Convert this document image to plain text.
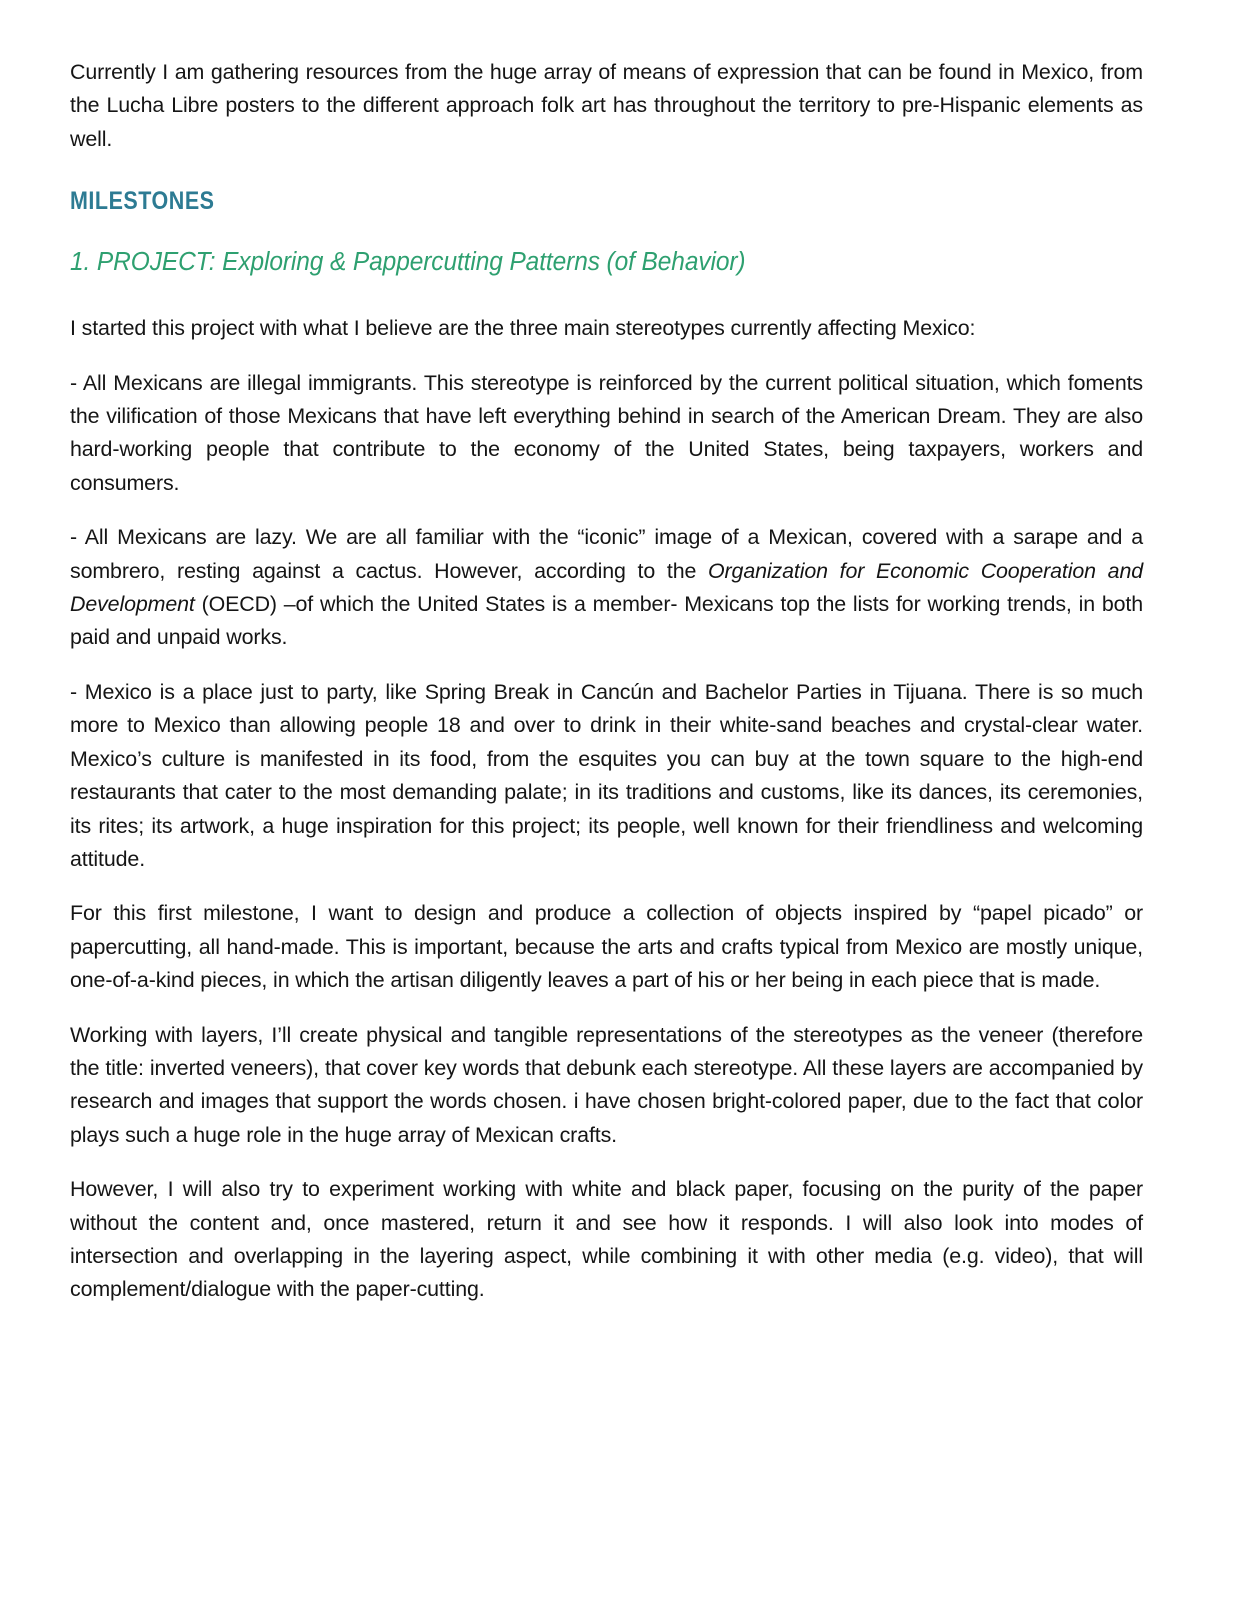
Currently I am gathering resources from the huge array of means of expression that can be found in Mexico, from the Lucha Libre posters to the different approach folk art has throughout the territory to pre-Hispanic elements as well.

MILESTONES
1. PROJECT: Exploring & Pappercutting Patterns (of Behavior)

I started this project with what I believe are the three main stereotypes currently affecting Mexico:

- All Mexicans are illegal immigrants. This stereotype is reinforced by the current political situation, which foments the vilification of those Mexicans that have left everything behind in search of the American Dream. They are also hard-working people that contribute to the economy of the United States, being taxpayers, workers and consumers.

- All Mexicans are lazy. We are all familiar with the “iconic” image of a Mexican, covered with a sarape and a sombrero, resting against a cactus. However, according to the Organization for Economic Cooperation and Development (OECD) –of which the United States is a member- Mexicans top the lists for working trends, in both paid and unpaid works.

- Mexico is a place just to party, like Spring Break in Cancún and Bachelor Parties in Tijuana. There is so much more to Mexico than allowing people 18 and over to drink in their white-sand beaches and crystal-clear water. Mexico’s culture is manifested in its food, from the esquites you can buy at the town square to the high-end restaurants that cater to the most demanding palate; in its traditions and customs, like its dances, its ceremonies, its rites; its artwork, a huge inspiration for this project; its people, well known for their friendliness and welcoming attitude.

For this first milestone, I want to design and produce a collection of objects inspired by “papel picado” or papercutting, all hand-made. This is important, because the arts and crafts typical from Mexico are mostly unique, one-of-a-kind pieces, in which the artisan diligently leaves a part of his or her being in each piece that is made.

Working with layers, I’ll create physical and tangible representations of the stereotypes as the veneer (therefore the title: inverted veneers), that cover key words that debunk each stereotype. All these layers are accompanied by research and images that support the words chosen. i have chosen bright-colored paper, due to the fact that color plays such a huge role in the huge array of Mexican crafts.

However, I will also try to experiment working with white and black paper, focusing on the purity of the paper without the content and, once mastered, return it and see how it responds. I will also look into modes of intersection and overlapping in the layering aspect, while combining it with other media (e.g. video), that will complement/dialogue with the paper-cutting.
